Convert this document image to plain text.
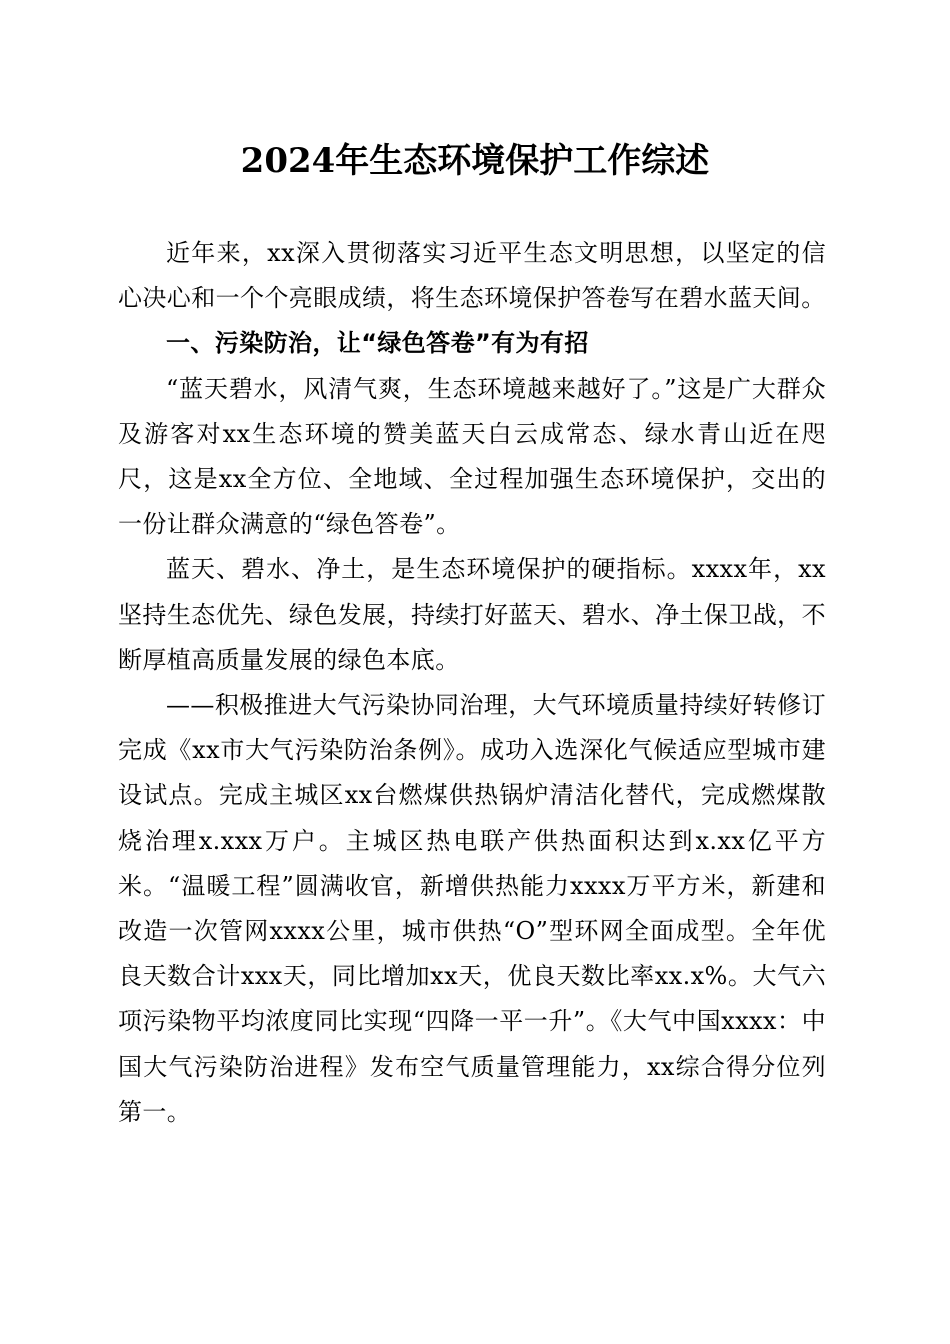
2024年生态环境保护工作综述

近年来，xx深入贯彻落实习近平生态文明思想，以坚定的信心决心和一个个亮眼成绩，将生态环境保护答卷写在碧水蓝天间。

一、污染防治，让“绿色答卷”有为有招

“蓝天碧水，风清气爽，生态环境越来越好了。”这是广大群众及游客对xx生态环境的赞美蓝天白云成常态、绿水青山近在咫尺，这是xx全方位、全地域、全过程加强生态环境保护，交出的一份让群众满意的“绿色答卷”。

蓝天、碧水、净土，是生态环境保护的硬指标。xxxx年，xx坚持生态优先、绿色发展，持续打好蓝天、碧水、净土保卫战，不断厚植高质量发展的绿色本底。

——积极推进大气污染协同治理，大气环境质量持续好转修订完成《xx市大气污染防治条例》。成功入选深化气候适应型城市建设试点。完成主城区xx台燃煤供热锅炉清洁化替代，完成燃煤散烧治理x.xxx万户。主城区热电联产供热面积达到x.xx亿平方米。“温暖工程”圆满收官，新增供热能力xxxx万平方米，新建和改造一次管网xxxx公里，城市供热“O”型环网全面成型。全年优良天数合计xxx天，同比增加xx天，优良天数比率xx.x%。大气六项污染物平均浓度同比实现“四降一平一升”。《大气中国xxxx：中国大气污染防治进程》发布空气质量管理能力，xx综合得分位列第一。
